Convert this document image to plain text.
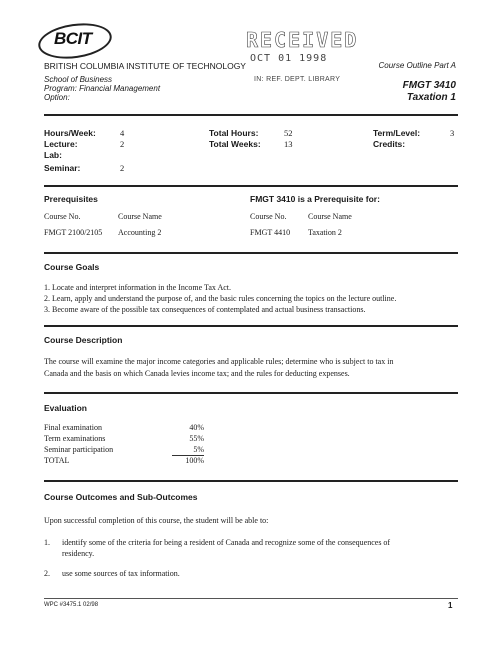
BCIT	RECEIVED
OCT 01 1998
IN: REF. DEPT. LIBRARY
BRITISH COLUMBIA INSTITUTE OF TECHNOLOGY
School of Business
Program: Financial Management
Option:
Course Outline Part A
FMGT 3410
Taxation 1
Hours/Week:	4
Lecture:	2
Lab:
Seminar:	2
Total Hours:	52
Total Weeks:	13
Term/Level:	3
Credits:
Prerequisites
Course No.	Course Name
FMGT 2100/2105 Accounting 2
FMGT 3410 is a Prerequisite for:
Course No.	Course Name
FMGT 4410 Taxation 2
Course Goals
1. Locate and interpret information in the Income Tax Act.
2. Learn, apply and understand the purpose of, and the basic rules concerning the topics on the lecture outline.
3. Become aware of the possible tax consequences of contemplated and actual business transactions.
Course Description
The course will examine the major income categories and applicable rules; determine who is subject to tax in
Canada and the basis on which Canada levies income tax; and the rules for deducting expenses.
Evaluation
Final examination	40%
Term examinations	55%
Seminar participation	5%
TOTAL	100%
Course Outcomes and Sub-Outcomes
Upon successful completion of this course, the student will be able to:
1. identify some of the criteria for being a resident of Canada and recognize some of the consequences of
residency.
2. use some sources of tax information.
WPC #3475.1 02/98	1
